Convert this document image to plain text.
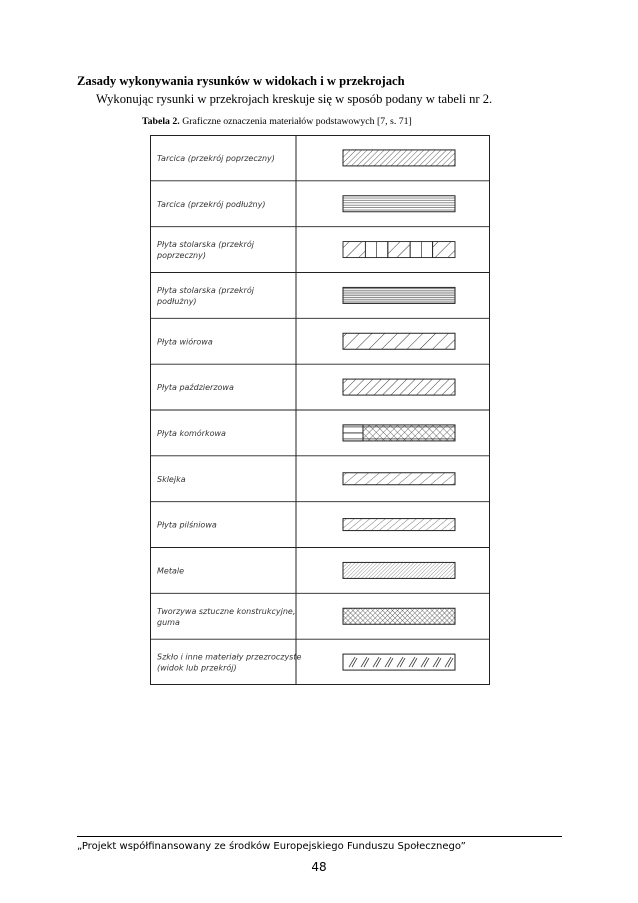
Zasady wykonywania rysunków w widokach i w przekrojach
Wykonując rysunki w przekrojach kreskuje się w sposób podany w tabeli nr 2.
Tabela 2. Graficzne oznaczenia materiałów podstawowych [7, s. 71]
Tarcica (przekrój poprzeczny)
Tarcica (przekrój podłużny)
Płyta stolarska (przekrój
poprzeczny)
Płyta stolarska (przekrój
podłużny)
Płyta wiórowa
Płyta paździerzowa
Płyta komórkowa
Sklejka
Płyta pilśniowa
Metale
Tworzywa sztuczne konstrukcyjne,
guma
Szkło i inne materiały przezroczyste
(widok lub przekrój)
„Projekt współfinansowany ze środków Europejskiego Funduszu Społecznego”
48
